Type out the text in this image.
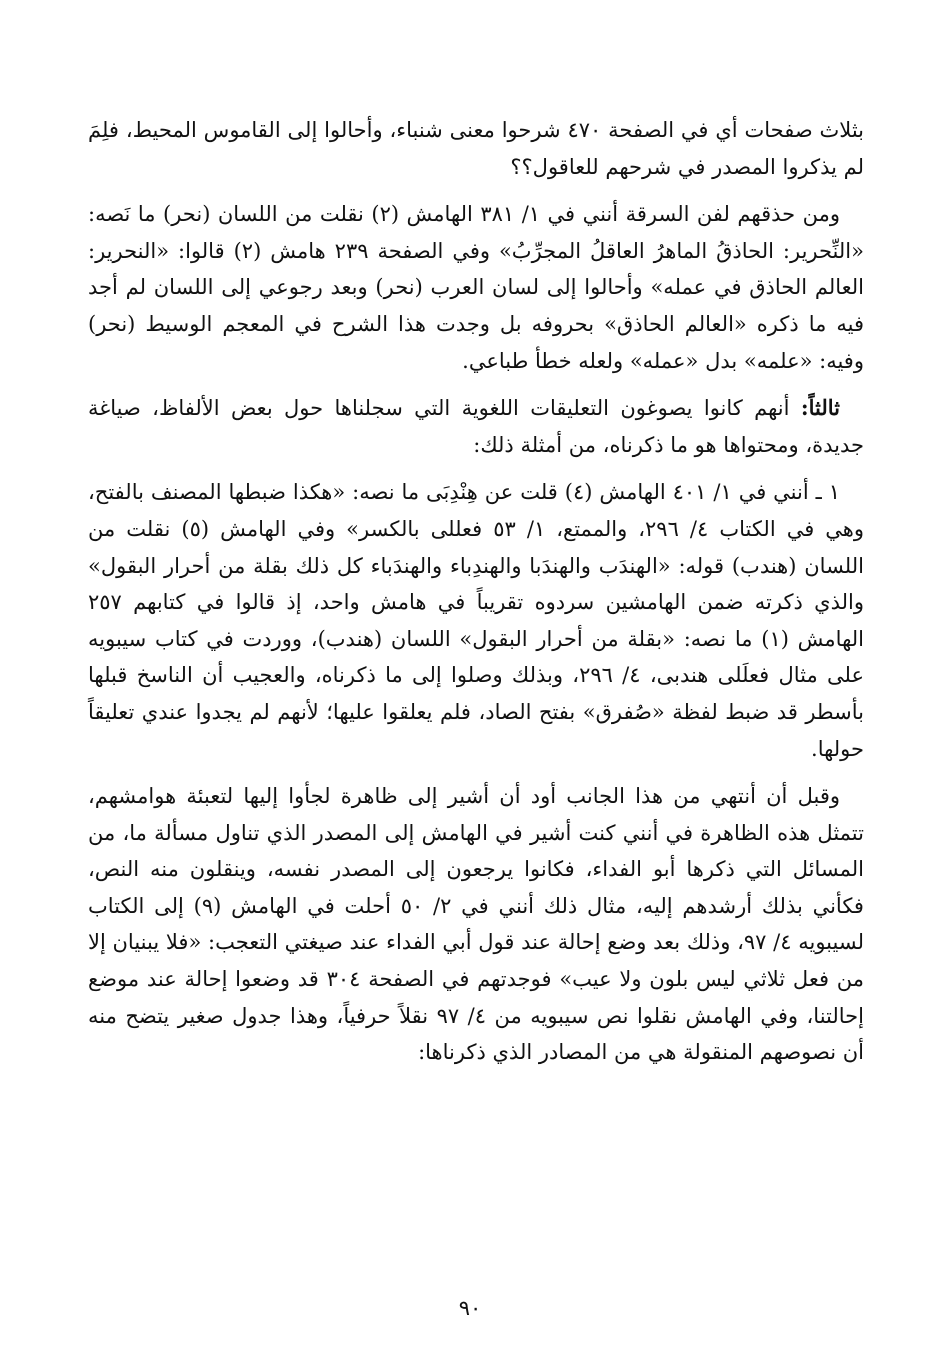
بثلاث صفحات أي في الصفحة ٤٧٠ شرحوا معنى شنباء، وأحالوا إلى القاموس المحيط، فلِمَ لم يذكروا المصدر في شرحهم للعاقول؟؟

ومن حذقهم لفن السرقة أنني في ١/ ٣٨١ الهامش (٢) نقلت من اللسان (نحر) ما نَصه: «النِّحرير: الحاذقُ الماهرُ العاقلُ المجرِّبُ» وفي الصفحة ٢٣٩ هامش (٢) قالوا: «النحرير: العالم الحاذق في عمله» وأحالوا إلى لسان العرب (نحر) وبعد رجوعي إلى اللسان لم أجد فيه ما ذكره «العالم الحاذق» بحروفه بل وجدت هذا الشرح في المعجم الوسيط (نحر) وفيه: «علمه» بدل «عمله» ولعله خطأ طباعي.

ثالثاً: أنهم كانوا يصوغون التعليقات اللغوية التي سجلناها حول بعض الألفاظ، صياغة جديدة، ومحتواها هو ما ذكرناه، من أمثلة ذلك:

١ ـ أنني في ١/ ٤٠١ الهامش (٤) قلت عن هِنْدِبَى ما نصه: «هكذا ضبطها المصنف بالفتح، وهي في الكتاب ٤/ ٢٩٦، والممتع، ١/ ٥٣ فعللى بالكسر» وفي الهامش (٥) نقلت من اللسان (هندب) قوله: «الهندَب والهندَبا والهندِباء والهندَباء كل ذلك بقلة من أحرار البقول» والذي ذكرته ضمن الهامشين سردوه تقريباً في هامش واحد، إذ قالوا في كتابهم ٢٥٧ الهامش (١) ما نصه: «بقلة من أحرار البقول» اللسان (هندب)، ووردت في كتاب سيبويه على مثال فعلَلى هندبى، ٤/ ٢٩٦، وبذلك وصلوا إلى ما ذكرناه، والعجيب أن الناسخ قبلها بأسطر قد ضبط لفظة «صُفرق» بفتح الصاد، فلم يعلقوا عليها؛ لأنهم لم يجدوا عندي تعليقاً حولها.

وقبل أن أنتهي من هذا الجانب أود أن أشير إلى ظاهرة لجأوا إليها لتعبئة هوامشهم، تتمثل هذه الظاهرة في أنني كنت أشير في الهامش إلى المصدر الذي تناول مسألة ما، من المسائل التي ذكرها أبو الفداء، فكانوا يرجعون إلى المصدر نفسه، وينقلون منه النص، فكأني بذلك أرشدهم إليه، مثال ذلك أنني في ٢/ ٥٠ أحلت في الهامش (٩) إلى الكتاب لسيبويه ٤/ ٩٧، وذلك بعد وضع إحالة عند قول أبي الفداء عند صيغتي التعجب: «فلا يبنيان إلا من فعل ثلاثي ليس بلون ولا عيب» فوجدتهم في الصفحة ٣٠٤ قد وضعوا إحالة عند موضع إحالتنا، وفي الهامش نقلوا نص سيبويه من ٤/ ٩٧ نقلاً حرفياً، وهذا جدول صغير يتضح منه أن نصوصهم المنقولة هي من المصادر الذي ذكرناها:

٩٠
